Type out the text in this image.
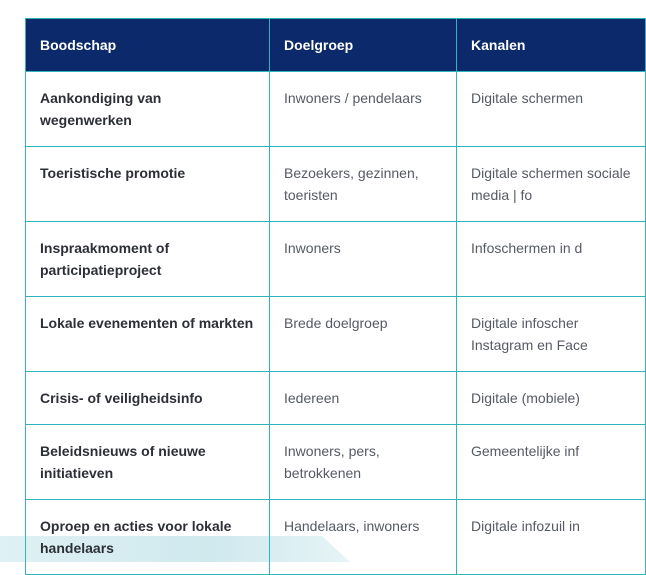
Boodschap	Doelgroep	Kanalen
Aankondiging van wegenwerken	Inwoners / pendelaars	Digitale schermen
Toeristische promotie	Bezoekers, gezinnen, toeristen	Digitale schermen sociale media | fo
Inspraakmoment of participatieproject	Inwoners	Infoschermen in d
Lokale evenementen of markten	Brede doelgroep	Digitale infoscher Instagram en Face
Crisis- of veiligheidsinfo	Iedereen	Digitale (mobiele)
Beleidsnieuws of nieuwe initiatieven	Inwoners, pers, betrokkenen	Gemeentelijke inf
Oproep en acties voor lokale handelaars	Handelaars, inwoners	Digitale infozuil in
